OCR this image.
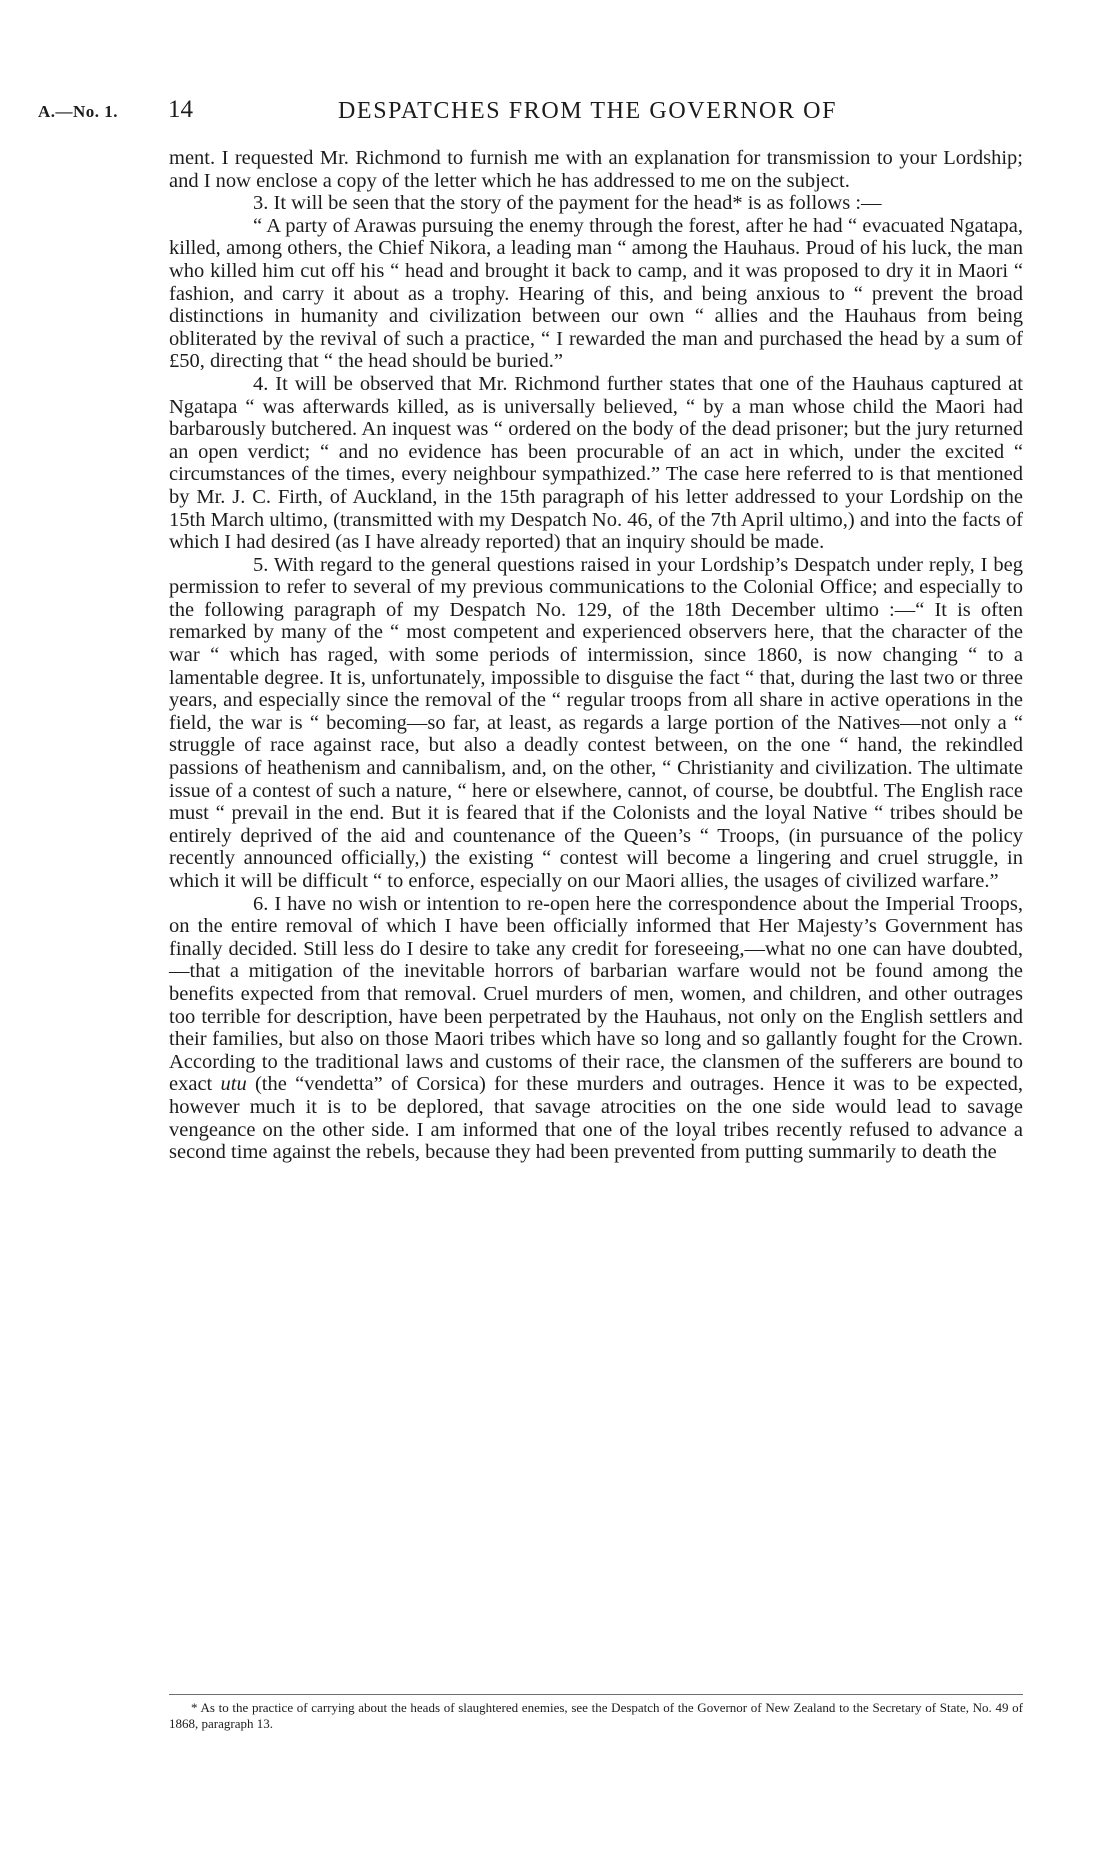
A.—No. 1. 14	DESPATCHES FROM THE GOVERNOR OF

ment. I requested Mr. Richmond to furnish me with an explanation for transmission to your Lordship; and I now enclose a copy of the letter which he has addressed to me on the subject.

3. It will be seen that the story of the payment for the head* is as follows :—

“ A party of Arawas pursuing the enemy through the forest, after he had “ evacuated Ngatapa, killed, among others, the Chief Nikora, a leading man “ among the Hauhaus. Proud of his luck, the man who killed him cut off his “ head and brought it back to camp, and it was proposed to dry it in Maori “ fashion, and carry it about as a trophy. Hearing of this, and being anxious to “ prevent the broad distinctions in humanity and civilization between our own “ allies and the Hauhaus from being obliterated by the revival of such a practice, “ I rewarded the man and purchased the head by a sum of £50, directing that “ the head should be buried.”

4. It will be observed that Mr. Richmond further states that one of the Hauhaus captured at Ngatapa “ was afterwards killed, as is universally believed, “ by a man whose child the Maori had barbarously butchered. An inquest was “ ordered on the body of the dead prisoner; but the jury returned an open verdict; “ and no evidence has been procurable of an act in which, under the excited “ circumstances of the times, every neighbour sympathized.” The case here referred to is that mentioned by Mr. J. C. Firth, of Auckland, in the 15th paragraph of his letter addressed to your Lordship on the 15th March ultimo, (transmitted with my Despatch No. 46, of the 7th April ultimo,) and into the facts of which I had desired (as I have already reported) that an inquiry should be made.

5. With regard to the general questions raised in your Lordship’s Despatch under reply, I beg permission to refer to several of my previous communications to the Colonial Office; and especially to the following paragraph of my Despatch No. 129, of the 18th December ultimo :—“ It is often remarked by many of the “ most competent and experienced observers here, that the character of the war “ which has raged, with some periods of intermission, since 1860, is now changing “ to a lamentable degree. It is, unfortunately, impossible to disguise the fact “ that, during the last two or three years, and especially since the removal of the “ regular troops from all share in active operations in the field, the war is “ becoming—so far, at least, as regards a large portion of the Natives—not only a “ struggle of race against race, but also a deadly contest between, on the one “ hand, the rekindled passions of heathenism and cannibalism, and, on the other, “ Christianity and civilization. The ultimate issue of a contest of such a nature, “ here or elsewhere, cannot, of course, be doubtful. The English race must “ prevail in the end. But it is feared that if the Colonists and the loyal Native “ tribes should be entirely deprived of the aid and countenance of the Queen’s “ Troops, (in pursuance of the policy recently announced officially,) the existing “ contest will become a lingering and cruel struggle, in which it will be difficult “ to enforce, especially on our Maori allies, the usages of civilized warfare.”

6. I have no wish or intention to re-open here the correspondence about the Imperial Troops, on the entire removal of which I have been officially informed that Her Majesty’s Government has finally decided. Still less do I desire to take any credit for foreseeing,—what no one can have doubted,—that a mitigation of the inevitable horrors of barbarian warfare would not be found among the benefits expected from that removal. Cruel murders of men, women, and children, and other outrages too terrible for description, have been perpetrated by the Hauhaus, not only on the English settlers and their families, but also on those Maori tribes which have so long and so gallantly fought for the Crown. According to the traditional laws and customs of their race, the clansmen of the sufferers are bound to exact utu (the “vendetta” of Corsica) for these murders and outrages. Hence it was to be expected, however much it is to be deplored, that savage atrocities on the one side would lead to savage vengeance on the other side. I am informed that one of the loyal tribes recently refused to advance a second time against the rebels, because they had been prevented from putting summarily to death the

* As to the practice of carrying about the heads of slaughtered enemies, see the Despatch of the Governor of New Zealand to the Secretary of State, No. 49 of 1868, paragraph 13.
